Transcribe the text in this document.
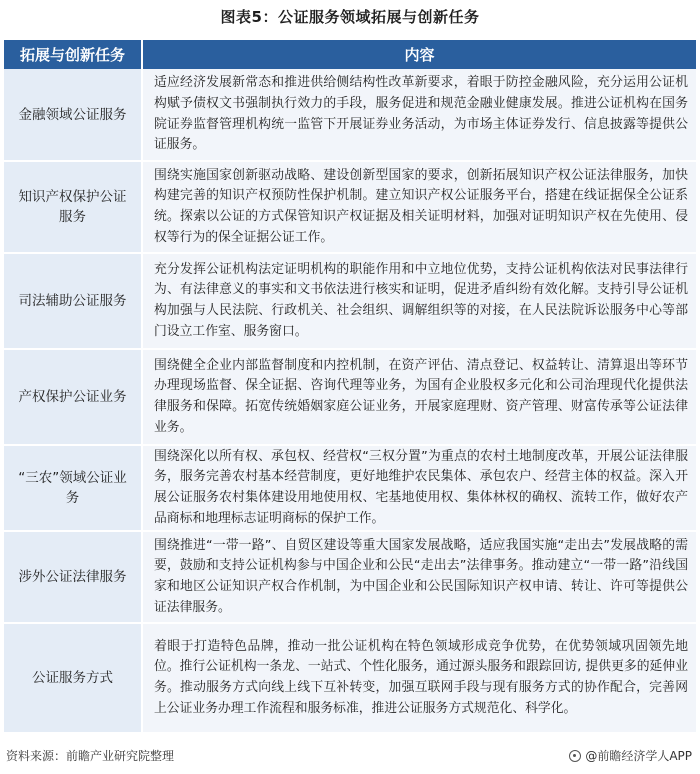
图表5：公证服务领域拓展与创新任务
拓展与创新任务	内容
金融领域公证服务	适应经济发展新常态和推进供给侧结构性改革新要求，着眼于防控金融风险，充分运用公证机构赋予债权文书强制执行效力的手段，服务促进和规范金融业健康发展。推进公证机构在国务院证券监督管理机构统一监管下开展证券业务活动，为市场主体证券发行、信息披露等提供公证服务。
知识产权保护公证服务	围绕实施国家创新驱动战略、建设创新型国家的要求，创新拓展知识产权公证法律服务，加快构建完善的知识产权预防性保护机制。建立知识产权公证服务平台，搭建在线证据保全公证系统。探索以公证的方式保管知识产权证据及相关证明材料，加强对证明知识产权在先使用、侵权等行为的保全证据公证工作。
司法辅助公证服务	充分发挥公证机构法定证明机构的职能作用和中立地位优势，支持公证机构依法对民事法律行为、有法律意义的事实和文书依法进行核实和证明，促进矛盾纠纷有效化解。支持引导公证机构加强与人民法院、行政机关、社会组织、调解组织等的对接，在人民法院诉讼服务中心等部门设立工作室、服务窗口。
产权保护公证业务	围绕健全企业内部监督制度和内控机制，在资产评估、清点登记、权益转让、清算退出等环节办理现场监督、保全证据、咨询代理等业务，为国有企业股权多元化和公司治理现代化提供法律服务和保障。拓宽传统婚姻家庭公证业务，开展家庭理财、资产管理、财富传承等公证法律业务。
“三农”领域公证业务	围绕深化以所有权、承包权、经营权“三权分置”为重点的农村土地制度改革，开展公证法律服务，服务完善农村基本经营制度，更好地维护农民集体、承包农户、经营主体的权益。深入开展公证服务农村集体建设用地使用权、宅基地使用权、集体林权的确权、流转工作，做好农产品商标和地理标志证明商标的保护工作。
涉外公证法律服务	围绕推进“一带一路”、自贸区建设等重大国家发展战略，适应我国实施“走出去”发展战略的需要，鼓励和支持公证机构参与中国企业和公民“走出去”法律事务。推动建立“一带一路”沿线国家和地区公证知识产权合作机制，为中国企业和公民国际知识产权申请、转让、许可等提供公证法律服务。
公证服务方式	着眼于打造特色品牌，推动一批公证机构在特色领域形成竞争优势，在优势领域巩固领先地位。推行公证机构一条龙、一站式、个性化服务，通过源头服务和跟踪回访, 提供更多的延伸业务。推动服务方式向线上线下互补转变，加强互联网手段与现有服务方式的协作配合，完善网上公证业务办理工作流程和服务标准，推进公证服务方式规范化、科学化。
资料来源：前瞻产业研究院整理	@前瞻经济学人APP
